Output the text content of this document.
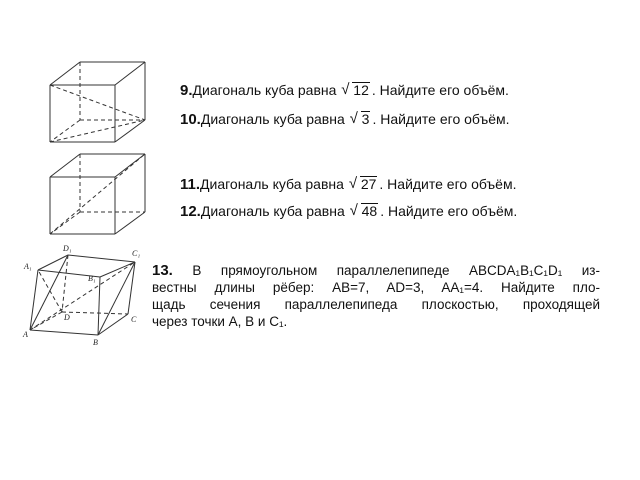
D₁
C₁
A₁
B₁
D	C
A
B
9.Диагональ куба равна √ 12 . Найдите его объём.
10.Диагональ куба равна √ 3 . Найдите его объём.
11.Диагональ куба равна √ 27 . Найдите его объём.
12.Диагональ куба равна √ 48 . Найдите его объём.
13. В прямоугольном параллелепипеде ABCDA₁B₁C₁D₁ из-
вестны длины рёбер: AB=7, AD=3, AA₁=4. Найдите пло-
щадь сечения параллелепипеда плоскостью, проходящей
через точки A, B и C₁.
